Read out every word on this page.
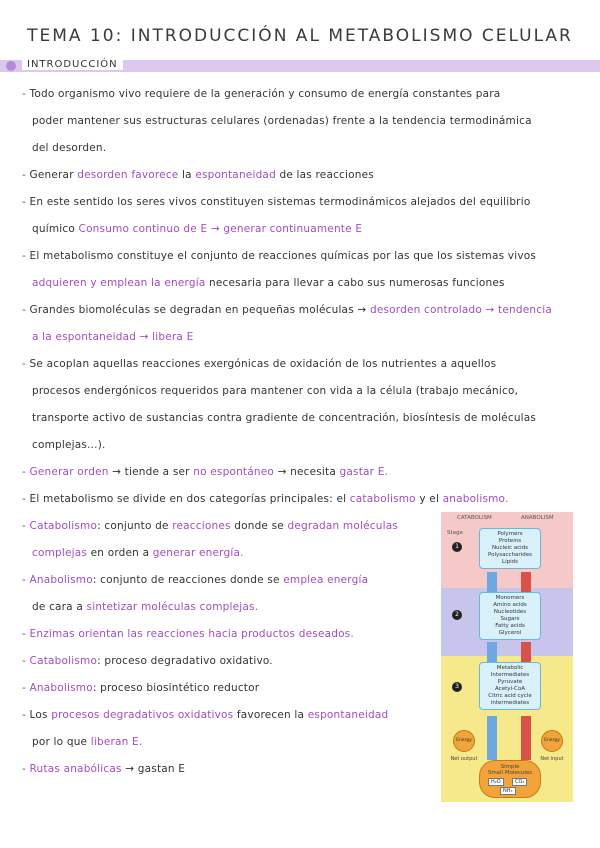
TEMA 10: INTRODUCCIÓN AL METABOLISMO CELULAR
INTRODUCCIÓN
- Todo organismo vivo requiere de la generación y consumo de energía constantes para
poder mantener sus estructuras celulares (ordenadas) frente a la tendencia termodinámica
del desorden.
- Generar desorden favorece la espontaneidad de las reacciones
- En este sentido los seres vivos constituyen sistemas termodinámicos alejados del equilibrio
químico Consumo continuo de E → generar continuamente E
- El metabolismo constituye el conjunto de reacciones químicas por las que los sistemas vivos
adquieren y emplean la energía necesaria para llevar a cabo sus numerosas funciones
- Grandes biomoléculas se degradan en pequeñas moléculas → desorden controlado → tendencia
a la espontaneidad → libera E
- Se acoplan aquellas reacciones exergónicas de oxidación de los nutrientes a aquellos
procesos endergónicos requeridos para mantener con vida a la célula (trabajo mecánico,
transporte activo de sustancias contra gradiente de concentración, biosíntesis de moléculas
complejas...).
- Generar orden → tiende a ser no espontáneo → necesita gastar E.
- El metabolismo se divide en dos categorías principales: el catabolismo y el anabolismo.
- Catabolismo: conjunto de reacciones donde se degradan moléculas
complejas en orden a generar energía.
- Anabolismo: conjunto de reacciones donde se emplea energía
de cara a sintetizar moléculas complejas.
- Enzimas orientan las reacciones hacia productos deseados.
- Catabolismo: proceso degradativo oxidativo.
- Anabolismo: proceso biosintético reductor
- Los procesos degradativos oxidativos favorecen la espontaneidad
por lo que liberan E.
- Rutas anabólicas → gastan E
CATABOLISM	ANABOLISM
Stage
1
2
3
Polymers
Proteins
Nucleic acids
Polysaccharides
Lipids
Monomers
Amino acids
Nucleotides
Sugars
Fatty acids
Glycerol
Metabolic
Intermediates
Pyruvate
Acetyl-CoA
Citric acid cycle
intermediates
Energy	Energy
Net output	Net input
Simple
Small Molecules
H₂O	CO₂
NH₃
